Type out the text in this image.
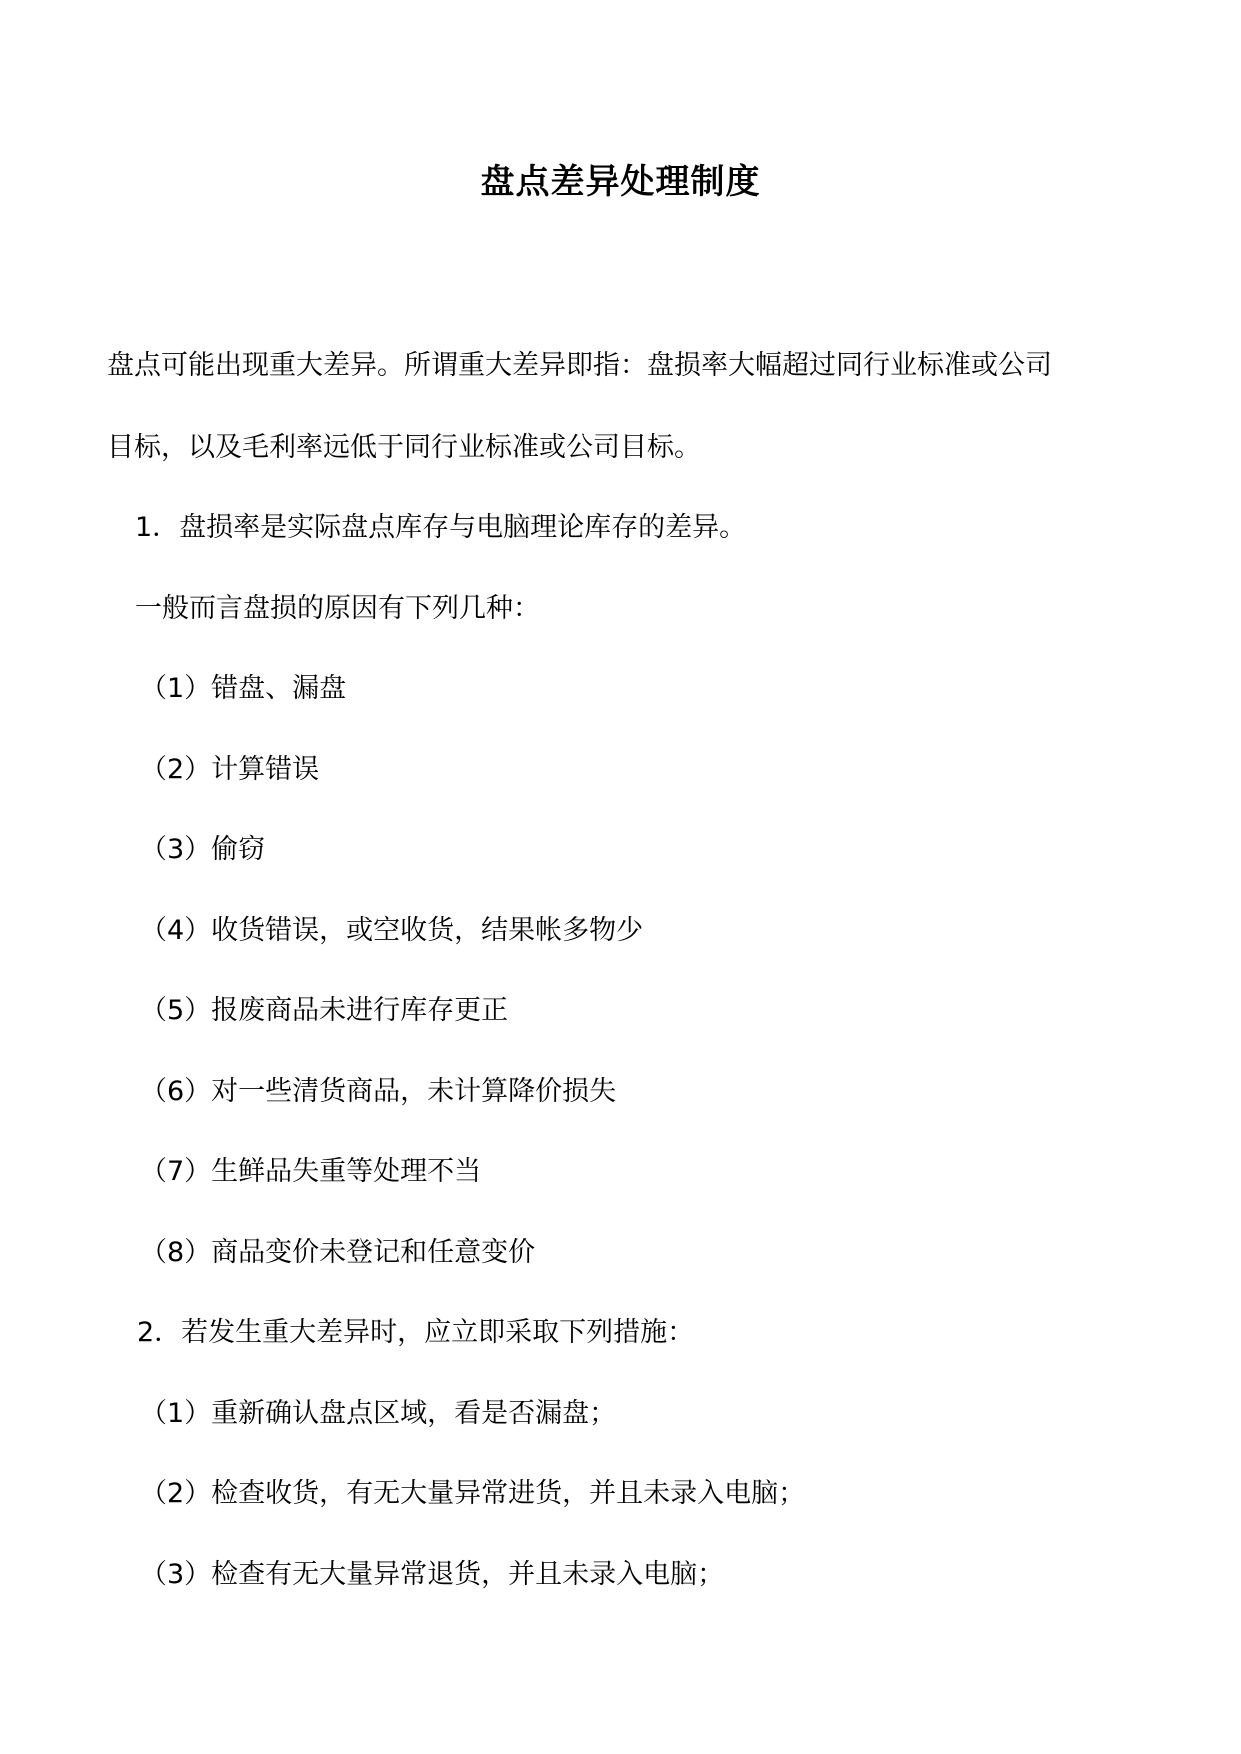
盘点差异处理制度
盘点可能出现重大差异。所谓重大差异即指：盘损率大幅超过同行业标准或公司
目标，以及毛利率远低于同行业标准或公司目标。
1．盘损率是实际盘点库存与电脑理论库存的差异。
一般而言盘损的原因有下列几种：
（1）错盘、漏盘
（2）计算错误
（3）偷窃
（4）收货错误，或空收货，结果帐多物少
（5）报废商品未进行库存更正
（6）对一些清货商品，未计算降价损失
（7）生鲜品失重等处理不当
（8）商品变价未登记和任意变价
2．若发生重大差异时，应立即采取下列措施：
（1）重新确认盘点区域，看是否漏盘；
（2）检查收货，有无大量异常进货，并且未录入电脑；
（3）检查有无大量异常退货，并且未录入电脑；
